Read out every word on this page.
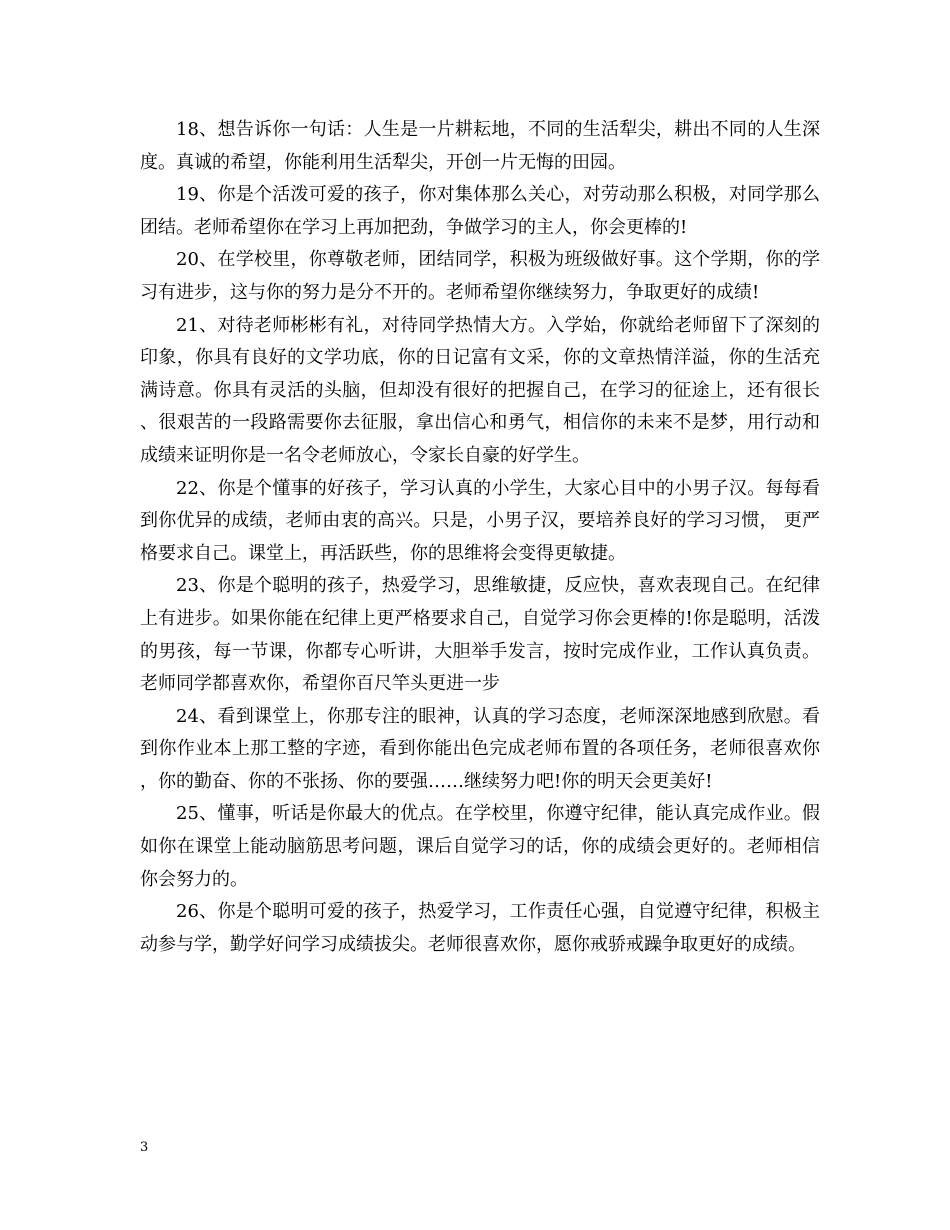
18、想告诉你一句话：人生是一片耕耘地，不同的生活犁尖，耕出不同的人生深度。真诚的希望，你能利用生活犁尖，开创一片无悔的田园。

19、你是个活泼可爱的孩子，你对集体那么关心，对劳动那么积极，对同学那么团结。老师希望你在学习上再加把劲，争做学习的主人，你会更棒的!

20、在学校里，你尊敬老师，团结同学，积极为班级做好事。这个学期，你的学习有进步，这与你的努力是分不开的。老师希望你继续努力，争取更好的成绩!

21、对待老师彬彬有礼，对待同学热情大方。入学始，你就给老师留下了深刻的印象，你具有良好的文学功底，你的日记富有文采，你的文章热情洋溢，你的生活充满诗意。你具有灵活的头脑，但却没有很好的把握自己，在学习的征途上，还有很长、很艰苦的一段路需要你去征服，拿出信心和勇气，相信你的未来不是梦，用行动和成绩来证明你是一名令老师放心，令家长自豪的好学生。

22、你是个懂事的好孩子，学习认真的小学生，大家心目中的小男子汉。每每看到你优异的成绩，老师由衷的高兴。只是，小男子汉，要培养良好的学习习惯， 更严格要求自己。课堂上，再活跃些，你的思维将会变得更敏捷。

23、你是个聪明的孩子，热爱学习，思维敏捷，反应快，喜欢表现自己。在纪律上有进步。如果你能在纪律上更严格要求自己，自觉学习你会更棒的!你是聪明，活泼的男孩，每一节课，你都专心听讲，大胆举手发言，按时完成作业，工作认真负责。老师同学都喜欢你，希望你百尺竿头更进一步

24、看到课堂上，你那专注的眼神，认真的学习态度，老师深深地感到欣慰。看到你作业本上那工整的字迹，看到你能出色完成老师布置的各项任务，老师很喜欢你，你的勤奋、你的不张扬、你的要强……继续努力吧!你的明天会更美好!

25、懂事，听话是你最大的优点。在学校里，你遵守纪律，能认真完成作业。假如你在课堂上能动脑筋思考问题，课后自觉学习的话，你的成绩会更好的。老师相信你会努力的。

26、你是个聪明可爱的孩子，热爱学习，工作责任心强，自觉遵守纪律，积极主动参与学，勤学好问学习成绩拔尖。老师很喜欢你，愿你戒骄戒躁争取更好的成绩。

3
